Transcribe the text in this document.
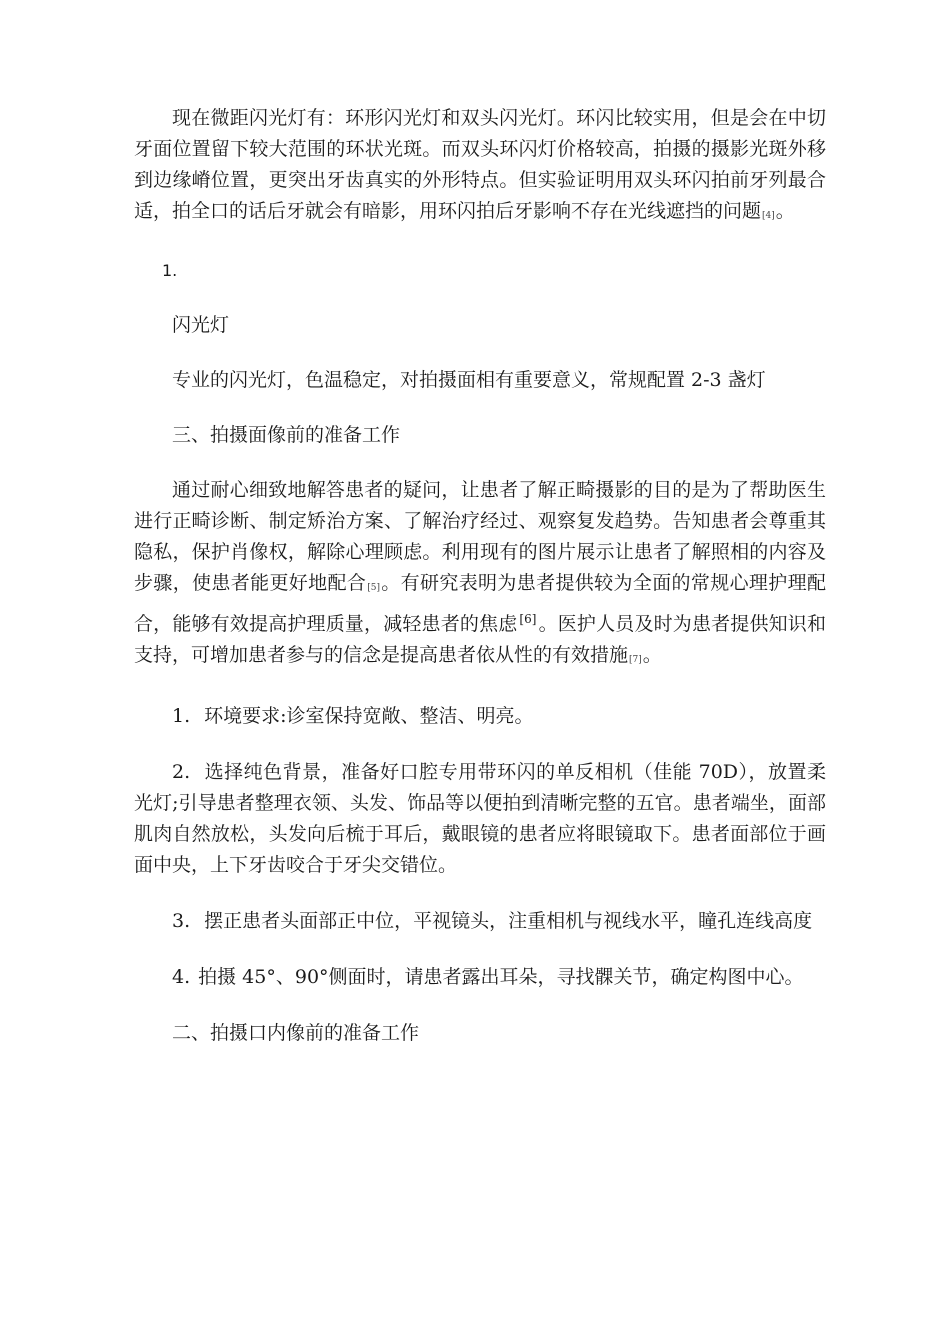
现在微距闪光灯有：环形闪光灯和双头闪光灯。环闪比较实用，但是会在中切牙面位置留下较大范围的环状光斑。而双头环闪灯价格较高，拍摄的摄影光斑外移到边缘嵴位置，更突出牙齿真实的外形特点。但实验证明用双头环闪拍前牙列最合适，拍全口的话后牙就会有暗影，用环闪拍后牙影响不存在光线遮挡的问题[4]。

1.

闪光灯

专业的闪光灯，色温稳定，对拍摄面相有重要意义，常规配置 2-3 盏灯

三、拍摄面像前的准备工作

通过耐心细致地解答患者的疑问，让患者了解正畸摄影的目的是为了帮助医生进行正畸诊断、制定矫治方案、了解治疗经过、观察复发趋势。告知患者会尊重其隐私，保护肖像权，解除心理顾虑。利用现有的图片展示让患者了解照相的内容及步骤，使患者能更好地配合[5]。有研究表明为患者提供较为全面的常规心理护理配合，能够有效提高护理质量，减轻患者的焦虑 [6] 。医护人员及时为患者提供知识和支持，可增加患者参与的信念是提高患者依从性的有效措施[7]。

1. 环境要求:诊室保持宽敞、整洁、明亮。

2. 选择纯色背景，准备好口腔专用带环闪的单反相机（佳能 70D），放置柔光灯;引导患者整理衣领、头发、饰品等以便拍到清晰完整的五官。患者端坐，面部肌肉自然放松，头发向后梳于耳后，戴眼镜的患者应将眼镜取下。患者面部位于画面中央，上下牙齿咬合于牙尖交错位。

3. 摆正患者头面部正中位，平视镜头，注重相机与视线水平，瞳孔连线高度

4. 拍摄 45°、90°侧面时，请患者露出耳朵，寻找髁关节，确定构图中心。

二、拍摄口内像前的准备工作
